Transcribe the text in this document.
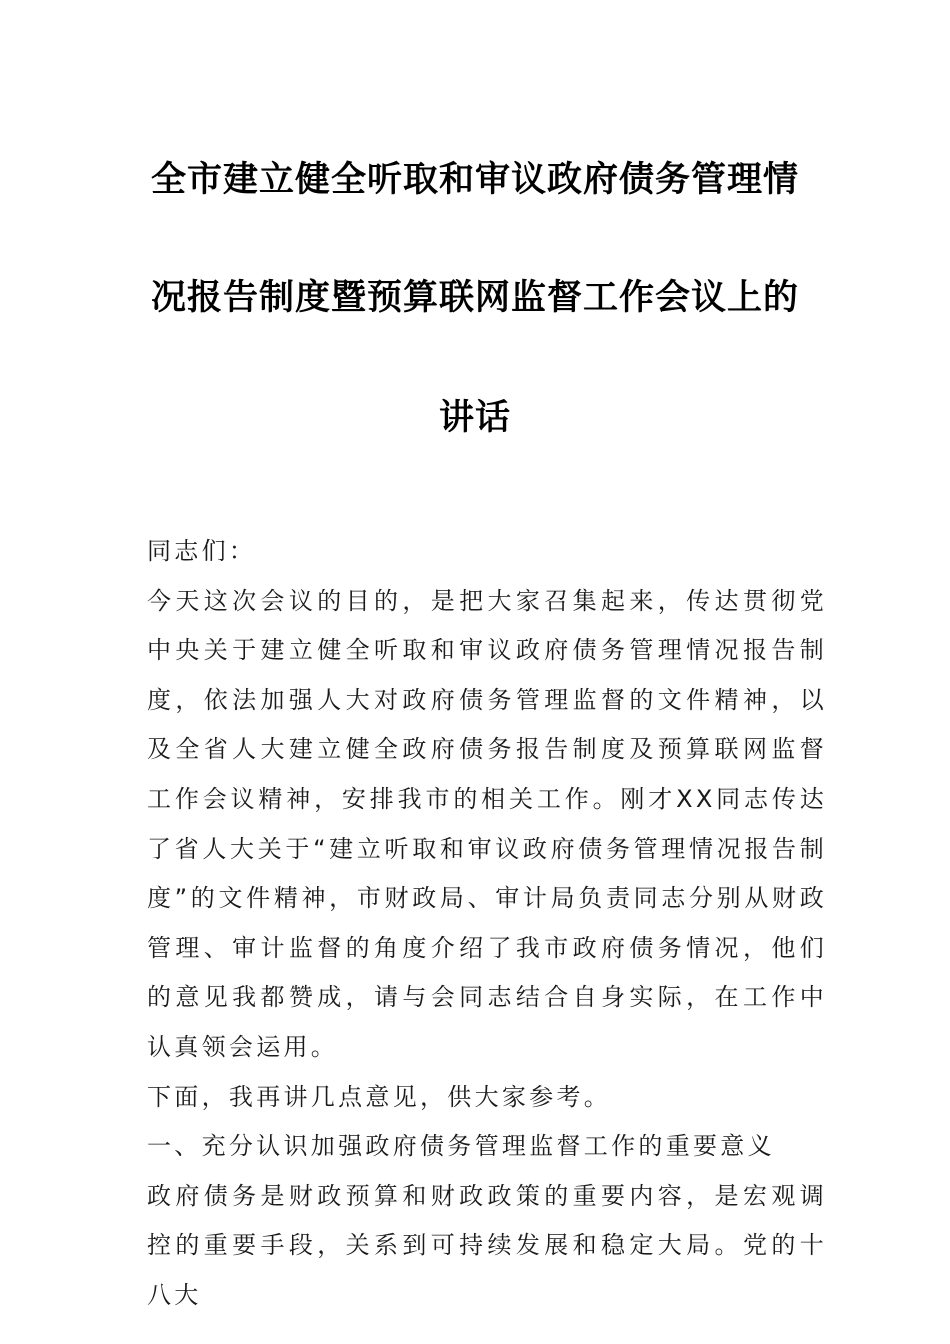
全市建立健全听取和审议政府债务管理情
况报告制度暨预算联网监督工作会议上的
讲话

同志们：

今天这次会议的目的，是把大家召集起来，传达贯彻党中央关于建立健全听取和审议政府债务管理情况报告制度，依法加强人大对政府债务管理监督的文件精神，以及全省人大建立健全政府债务报告制度及预算联网监督工作会议精神，安排我市的相关工作。刚才XX同志传达了省人大关于“建立听取和审议政府债务管理情况报告制度”的文件精神，市财政局、审计局负责同志分别从财政管理、审计监督的角度介绍了我市政府债务情况，他们的意见我都赞成，请与会同志结合自身实际，在工作中认真领会运用。

下面，我再讲几点意见，供大家参考。

一、充分认识加强政府债务管理监督工作的重要意义

政府债务是财政预算和财政政策的重要内容，是宏观调控的重要手段，关系到可持续发展和稳定大局。党的十八大
